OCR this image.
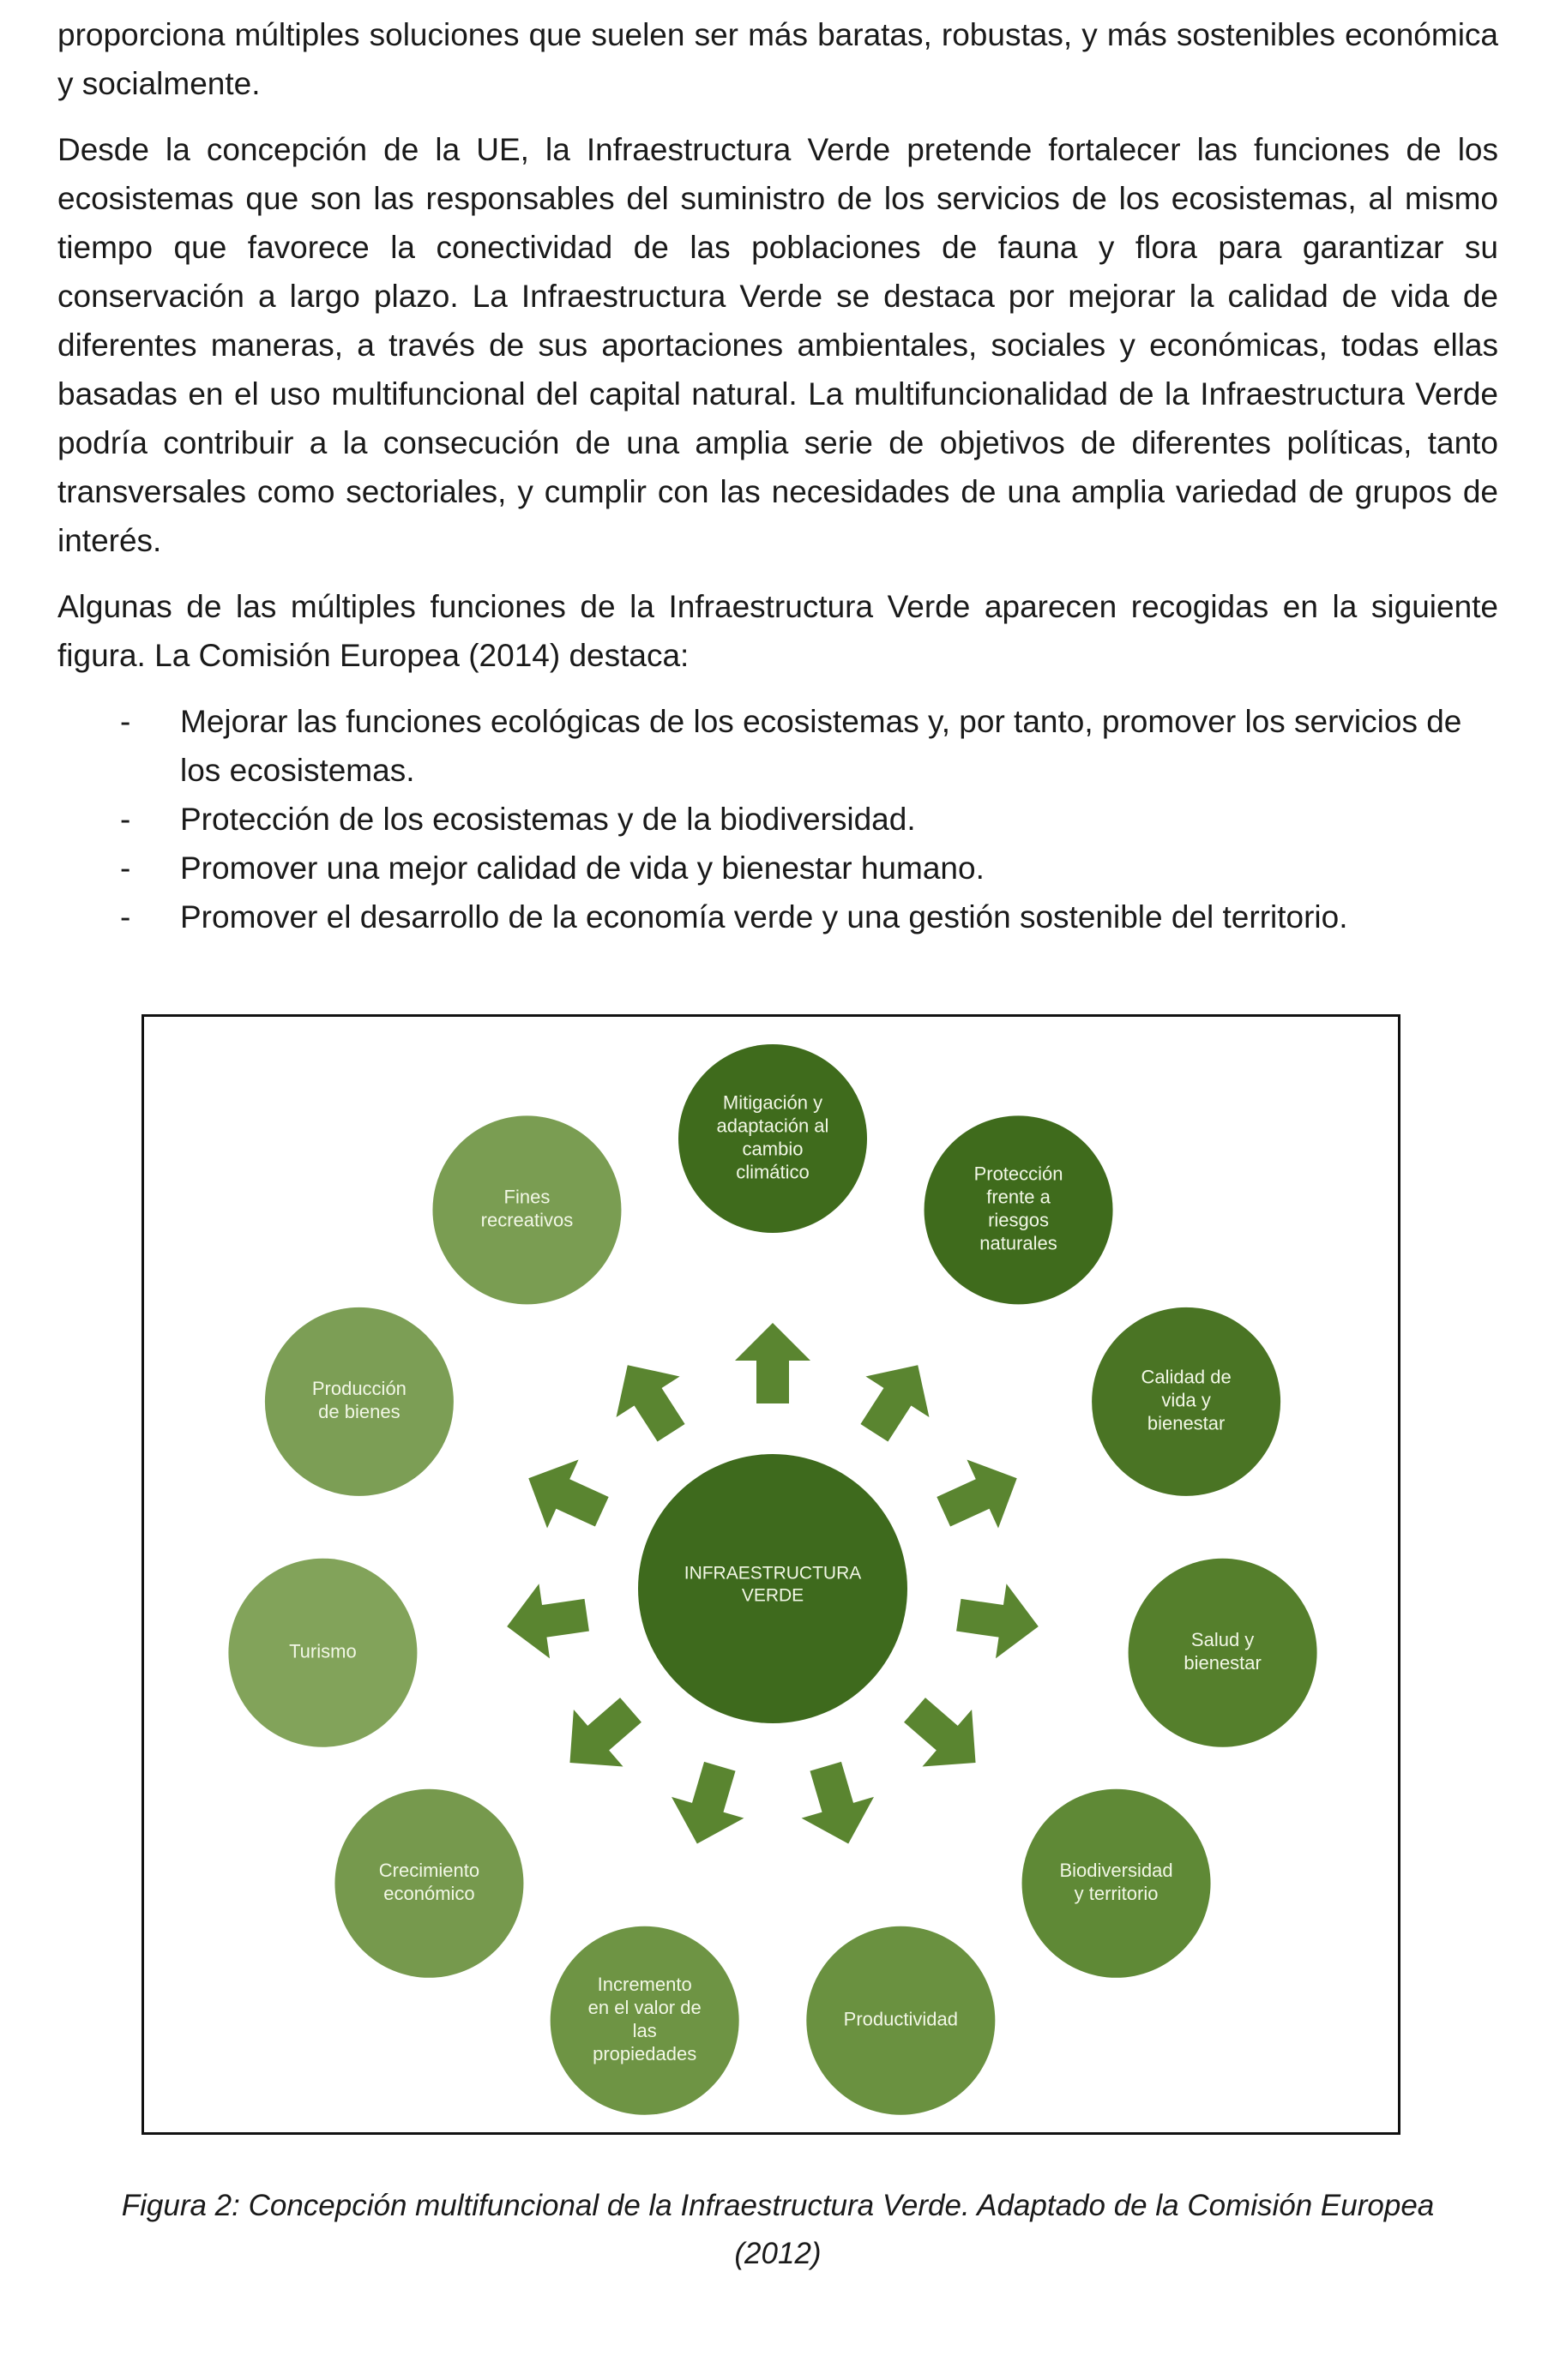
proporciona múltiples soluciones que suelen ser más baratas, robustas, y más sostenibles económica y socialmente.

Desde la concepción de la UE, la Infraestructura Verde pretende fortalecer las funciones de los ecosistemas que son las responsables del suministro de los servicios de los ecosistemas, al mismo tiempo que favorece la conectividad de las poblaciones de fauna y flora para garantizar su conservación a largo plazo. La Infraestructura Verde se destaca por mejorar la calidad de vida de diferentes maneras, a través de sus aportaciones ambientales, sociales y económicas, todas ellas basadas en el uso multifuncional del capital natural. La multifuncionalidad de la Infraestructura Verde podría contribuir a la consecución de una amplia serie de objetivos de diferentes políticas, tanto transversales como sectoriales, y cumplir con las necesidades de una amplia variedad de grupos de interés.

Algunas de las múltiples funciones de la Infraestructura Verde aparecen recogidas en la siguiente figura. La Comisión Europea (2014) destaca:

- Mejorar las funciones ecológicas de los ecosistemas y, por tanto, promover los servicios de los ecosistemas.
- Protección de los ecosistemas y de la biodiversidad.
- Promover una mejor calidad de vida y bienestar humano.
- Promover el desarrollo de la economía verde y una gestión sostenible del territorio.
INFRAESTRUCTURA
VERDE
Mitigación y
adaptación al
cambio
climático	Protección
frente a
riesgos
naturales
Calidad de
vida y
bienestar
Salud y
bienestar
Biodiversidad
y territorio
Productividad
Incremento
en el valor de
las
propiedades
Crecimiento
económico
Turismo
Producción
de bienes
Fines
recreativos
Figura 2: Concepción multifuncional de la Infraestructura Verde. Adaptado de la Comisión Europea
(2012)
